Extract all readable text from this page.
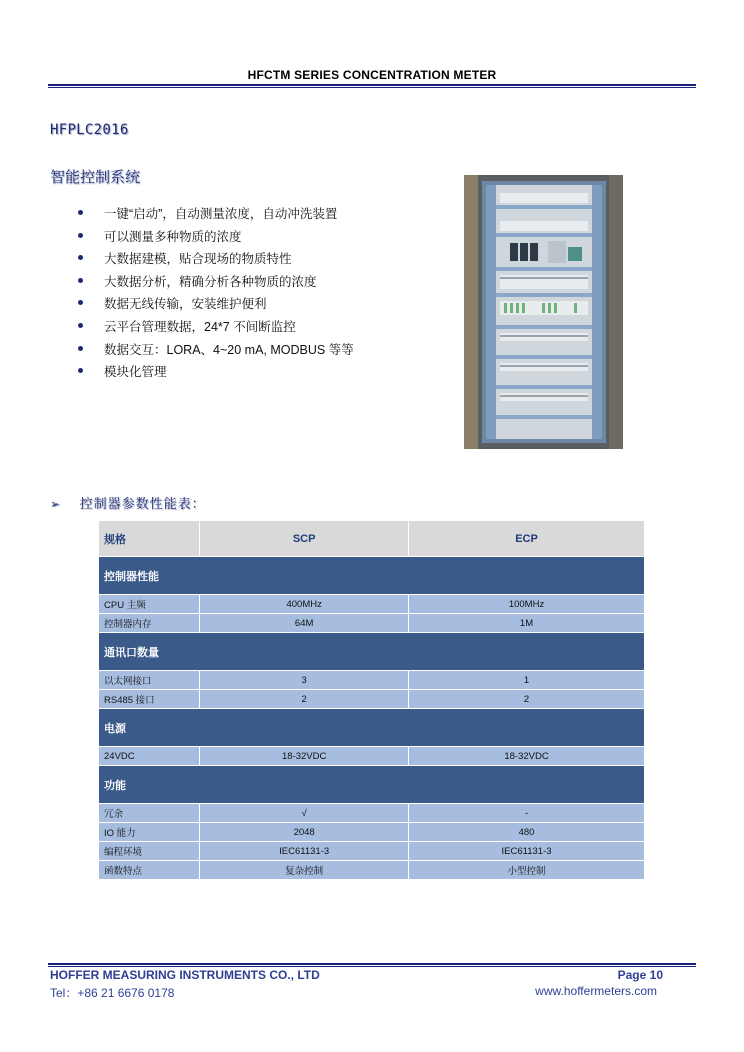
HFCTM SERIES CONCENTRATION METER
HFPLC2016
智能控制系统
一键“启动”，自动测量浓度，自动冲洗装置
可以测量多种物质的浓度
大数据建模，贴合现场的物质特性
大数据分析，精确分析各种物质的浓度
数据无线传输，安装维护便利
云平台管理数据，24*7 不间断监控
数据交互：LORA、4~20 mA, MODBUS 等等
模块化管理
➢ 控制器参数性能表：
规格	SCP	ECP
控制器性能		
CPU 主频	400MHz	100MHz
控制器内存	64M	1M
通讯口数量		
以太网接口	3	1
RS485 接口	2	2
电源		
24VDC	18-32VDC	18-32VDC
功能		
冗余	√	-
IO 能力	2048	480
编程环境	IEC61131-3	IEC61131-3
函数特点	复杂控制	小型控制
HOFFER MEASURING INSTRUMENTS CO., LTD	Page 10
Tel：+86 21 6676 0178	www.hoffermeters.com
